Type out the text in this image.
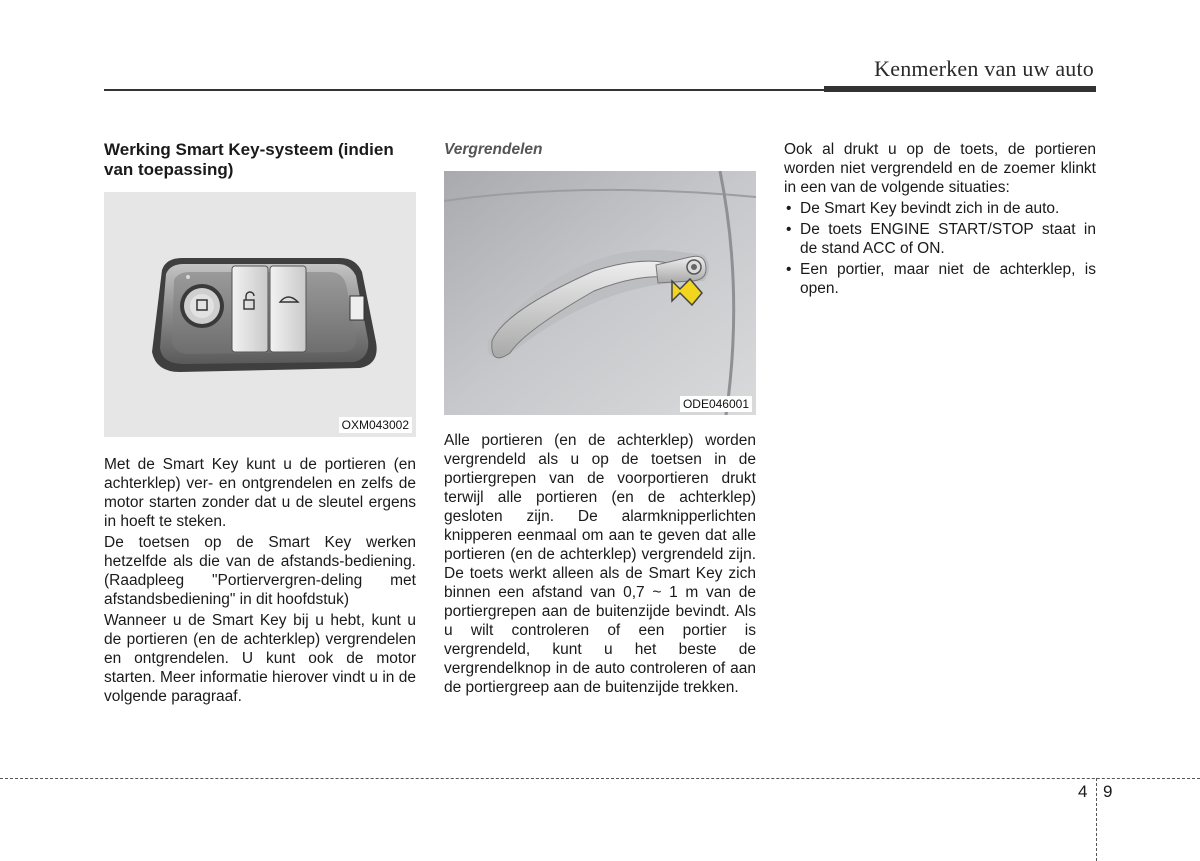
Kenmerken van uw auto
Werking Smart Key-systeem (indien van toepassing)
OXM043002

Met de Smart Key kunt u de portieren (en achterklep) ver- en ontgrendelen en zelfs de motor starten zonder dat u de sleutel ergens in hoeft te steken.

De toetsen op de Smart Key werken hetzelfde als die van de afstands-bediening. (Raadpleeg "Portiervergren-deling met afstandsbediening" in dit hoofdstuk)

Wanneer u de Smart Key bij u hebt, kunt u de portieren (en de achterklep) vergrendelen en ontgrendelen. U kunt ook de motor starten. Meer informatie hierover vindt u in de volgende paragraaf.

Vergrendelen
ODE046001

Alle portieren (en de achterklep) worden vergrendeld als u op de toetsen in de portiergrepen van de voorportieren drukt terwijl alle portieren (en de achterklep) gesloten zijn. De alarmknipperlichten knipperen eenmaal om aan te geven dat alle portieren (en de achterklep) vergrendeld zijn. De toets werkt alleen als de Smart Key zich binnen een afstand van 0,7 ~ 1 m van de portiergrepen aan de buitenzijde bevindt. Als u wilt controleren of een portier is vergrendeld, kunt u het beste de vergrendelknop in de auto controleren of aan de portiergreep aan de buitenzijde trekken.

Ook al drukt u op de toets, de portieren worden niet vergrendeld en de zoemer klinkt in een van de volgende situaties:

• De Smart Key bevindt zich in de auto.
• De toets ENGINE START/STOP staat in de stand ACC of ON.
• Een portier, maar niet de achterklep, is open.
4 9
